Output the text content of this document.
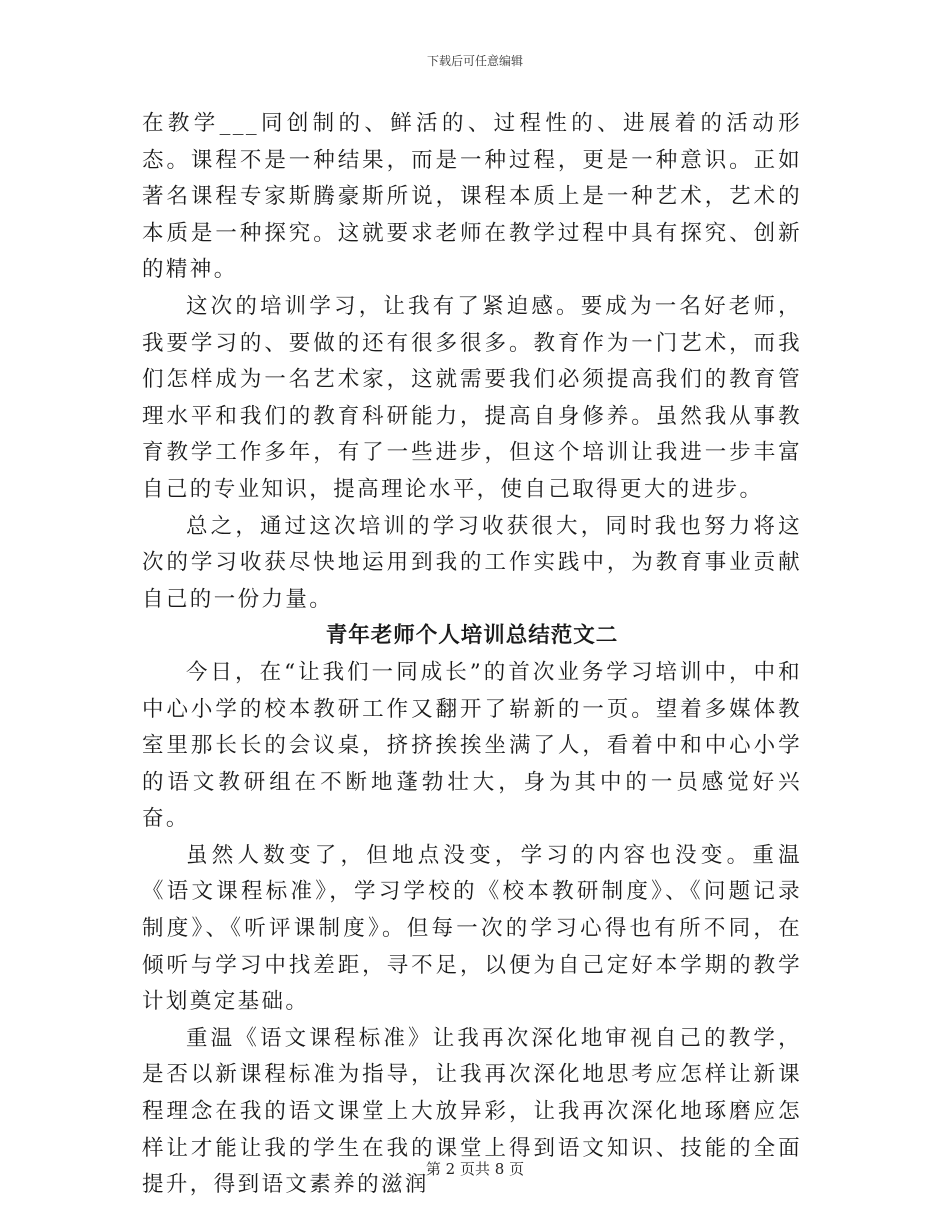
下载后可任意编辑

在教学___同创制的、鲜活的、过程性的、进展着的活动形态。课程不是一种结果，而是一种过程，更是一种意识。正如著名课程专家斯腾豪斯所说，课程本质上是一种艺术，艺术的本质是一种探究。这就要求老师在教学过程中具有探究、创新的精神。

这次的培训学习，让我有了紧迫感。要成为一名好老师，我要学习的、要做的还有很多很多。教育作为一门艺术，而我们怎样成为一名艺术家，这就需要我们必须提高我们的教育管理水平和我们的教育科研能力，提高自身修养。虽然我从事教育教学工作多年，有了一些进步，但这个培训让我进一步丰富自己的专业知识，提高理论水平，使自己取得更大的进步。

总之，通过这次培训的学习收获很大，同时我也努力将这次的学习收获尽快地运用到我的工作实践中，为教育事业贡献自己的一份力量。

青年老师个人培训总结范文二

今日，在“让我们一同成长”的首次业务学习培训中，中和中心小学的校本教研工作又翻开了崭新的一页。望着多媒体教室里那长长的会议桌，挤挤挨挨坐满了人，看着中和中心小学的语文教研组在不断地蓬勃壮大，身为其中的一员感觉好兴奋。

虽然人数变了，但地点没变，学习的内容也没变。重温《语文课程标准》，学习学校的《校本教研制度》、《问题记录制度》、《听评课制度》。但每一次的学习心得也有所不同，在倾听与学习中找差距，寻不足，以便为自己定好本学期的教学计划奠定基础。

重温《语文课程标准》让我再次深化地审视自己的教学，是否以新课程标准为指导，让我再次深化地思考应怎样让新课程理念在我的语文课堂上大放异彩，让我再次深化地琢磨应怎样让才能让我的学生在我的课堂上得到语文知识、技能的全面提升，得到语文素养的滋润

第 2 页共 8 页
